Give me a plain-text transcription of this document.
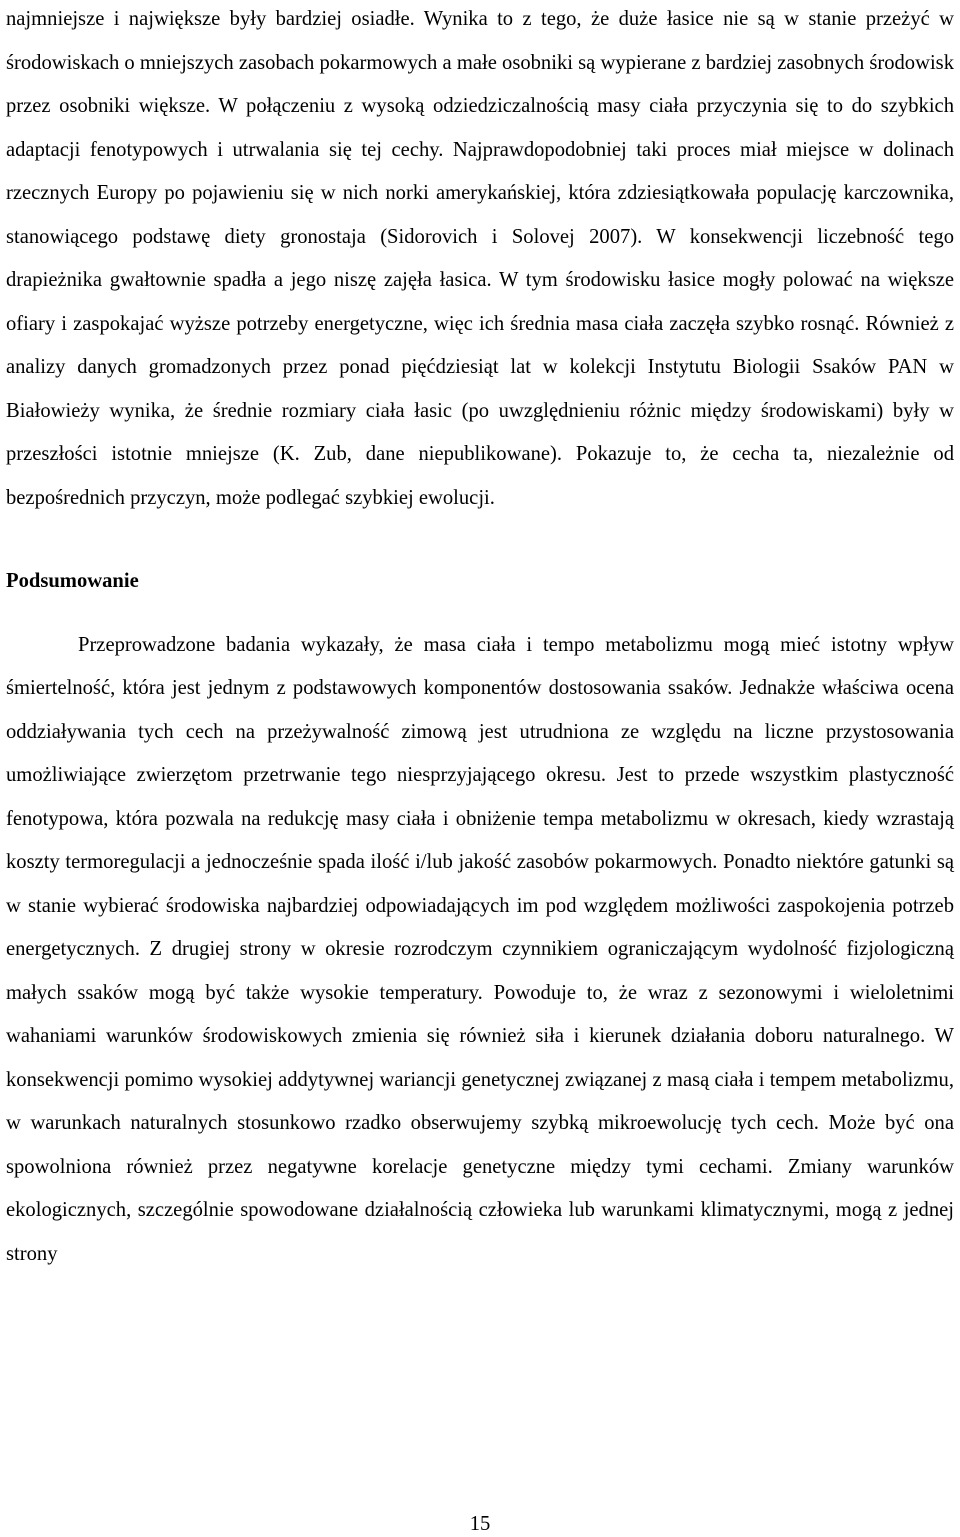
najmniejsze i największe były bardziej osiadłe. Wynika to z tego, że duże łasice nie są w stanie przeżyć w środowiskach o mniejszych zasobach pokarmowych a małe osobniki są wypierane z bardziej zasobnych środowisk przez osobniki większe. W połączeniu z wysoką odziedziczalnością masy ciała przyczynia się to do szybkich adaptacji fenotypowych i utrwalania się tej cechy. Najprawdopodobniej taki proces miał miejsce w dolinach rzecznych Europy po pojawieniu się w nich norki amerykańskiej, która zdziesiątkowała populację karczownika, stanowiącego podstawę diety gronostaja (Sidorovich i Solovej 2007). W konsekwencji liczebność tego drapieżnika gwałtownie spadła a jego niszę zajęła łasica. W tym środowisku łasice mogły polować na większe ofiary i zaspokajać wyższe potrzeby energetyczne, więc ich średnia masa ciała zaczęła szybko rosnąć. Również z analizy danych gromadzonych przez ponad pięćdziesiąt lat w kolekcji Instytutu Biologii Ssaków PAN w Białowieży wynika, że średnie rozmiary ciała łasic (po uwzględnieniu różnic między środowiskami) były w przeszłości istotnie mniejsze (K. Zub, dane niepublikowane). Pokazuje to, że cecha ta, niezależnie od bezpośrednich przyczyn, może podlegać szybkiej ewolucji.

Podsumowanie

Przeprowadzone badania wykazały, że masa ciała i tempo metabolizmu mogą mieć istotny wpływ śmiertelność, która jest jednym z podstawowych komponentów dostosowania ssaków. Jednakże właściwa ocena oddziaływania tych cech na przeżywalność zimową jest utrudniona ze względu na liczne przystosowania umożliwiające zwierzętom przetrwanie tego niesprzyjającego okresu. Jest to przede wszystkim plastyczność fenotypowa, która pozwala na redukcję masy ciała i obniżenie tempa metabolizmu w okresach, kiedy wzrastają koszty termoregulacji a jednocześnie spada ilość i/lub jakość zasobów pokarmowych. Ponadto niektóre gatunki są w stanie wybierać środowiska najbardziej odpowiadających im pod względem możliwości zaspokojenia potrzeb energetycznych. Z drugiej strony w okresie rozrodczym czynnikiem ograniczającym wydolność fizjologiczną małych ssaków mogą być także wysokie temperatury. Powoduje to, że wraz z sezonowymi i wieloletnimi wahaniami warunków środowiskowych zmienia się również siła i kierunek działania doboru naturalnego. W konsekwencji pomimo wysokiej addytywnej wariancji genetycznej związanej z masą ciała i tempem metabolizmu, w warunkach naturalnych stosunkowo rzadko obserwujemy szybką mikroewolucję tych cech. Może być ona spowolniona również przez negatywne korelacje genetyczne między tymi cechami. Zmiany warunków ekologicznych, szczególnie spowodowane działalnością człowieka lub warunkami klimatycznymi, mogą z jednej strony

15
